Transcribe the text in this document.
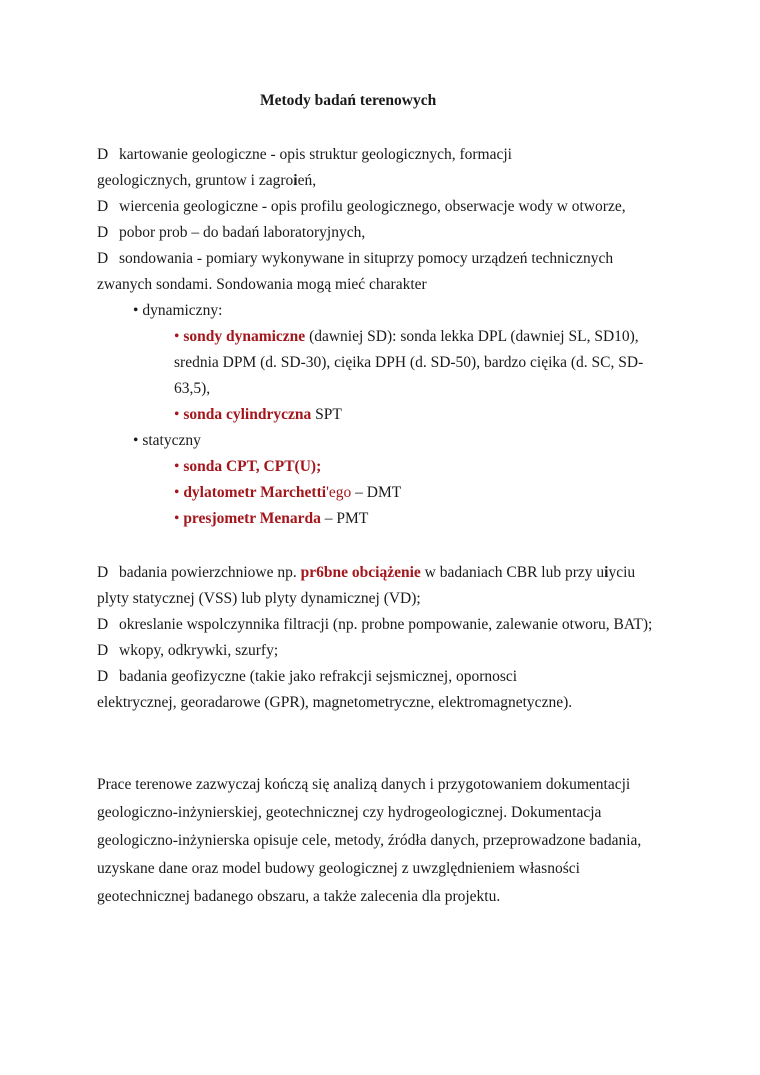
Metody badań terenowych
D kartowanie geologiczne - opis struktur geologicznych, formacji
geologicznych, gruntow i zagroień,
D wiercenia geologiczne - opis profilu geologicznego, obserwacje wody w otworze,
D pobor prob – do badań laboratoryjnych,
D sondowania - pomiary wykonywane in situprzy pomocy urządzeń technicznych
zwanych sondami. Sondowania mogą mieć charakter
• dynamiczny:
• sondy dynamiczne (dawniej SD): sonda lekka DPL (dawniej SL, SD10),
srednia DPM (d. SD-30), cięika DPH (d. SD-50), bardzo cięika (d. SC, SD-
63,5),
• sonda cylindryczna SPT
• statyczny
• sonda CPT, CPT(U);
• dylatometr Marchetti'ego – DMT
• presjometr Menarda – PMT
D badania powierzchniowe np. pr6bne obciążenie w badaniach CBR lub przy uiyciu
plyty statycznej (VSS) lub plyty dynamicznej (VD);
D okreslanie wspolczynnika filtracji (np. probne pompowanie, zalewanie otworu, BAT);
D wkopy, odkrywki, szurfy;
D badania geofizyczne (takie jako refrakcji sejsmicznej, opornosci
elektrycznej, georadarowe (GPR), magnetometryczne, elektromagnetyczne).
Prace terenowe zazwyczaj kończą się analizą danych i przygotowaniem dokumentacji
geologiczno-inżynierskiej, geotechnicznej czy hydrogeologicznej. Dokumentacja
geologiczno-inżynierska opisuje cele, metody, źródła danych, przeprowadzone badania,
uzyskane dane oraz model budowy geologicznej z uwzględnieniem własności
geotechnicznej badanego obszaru, a także zalecenia dla projektu.
